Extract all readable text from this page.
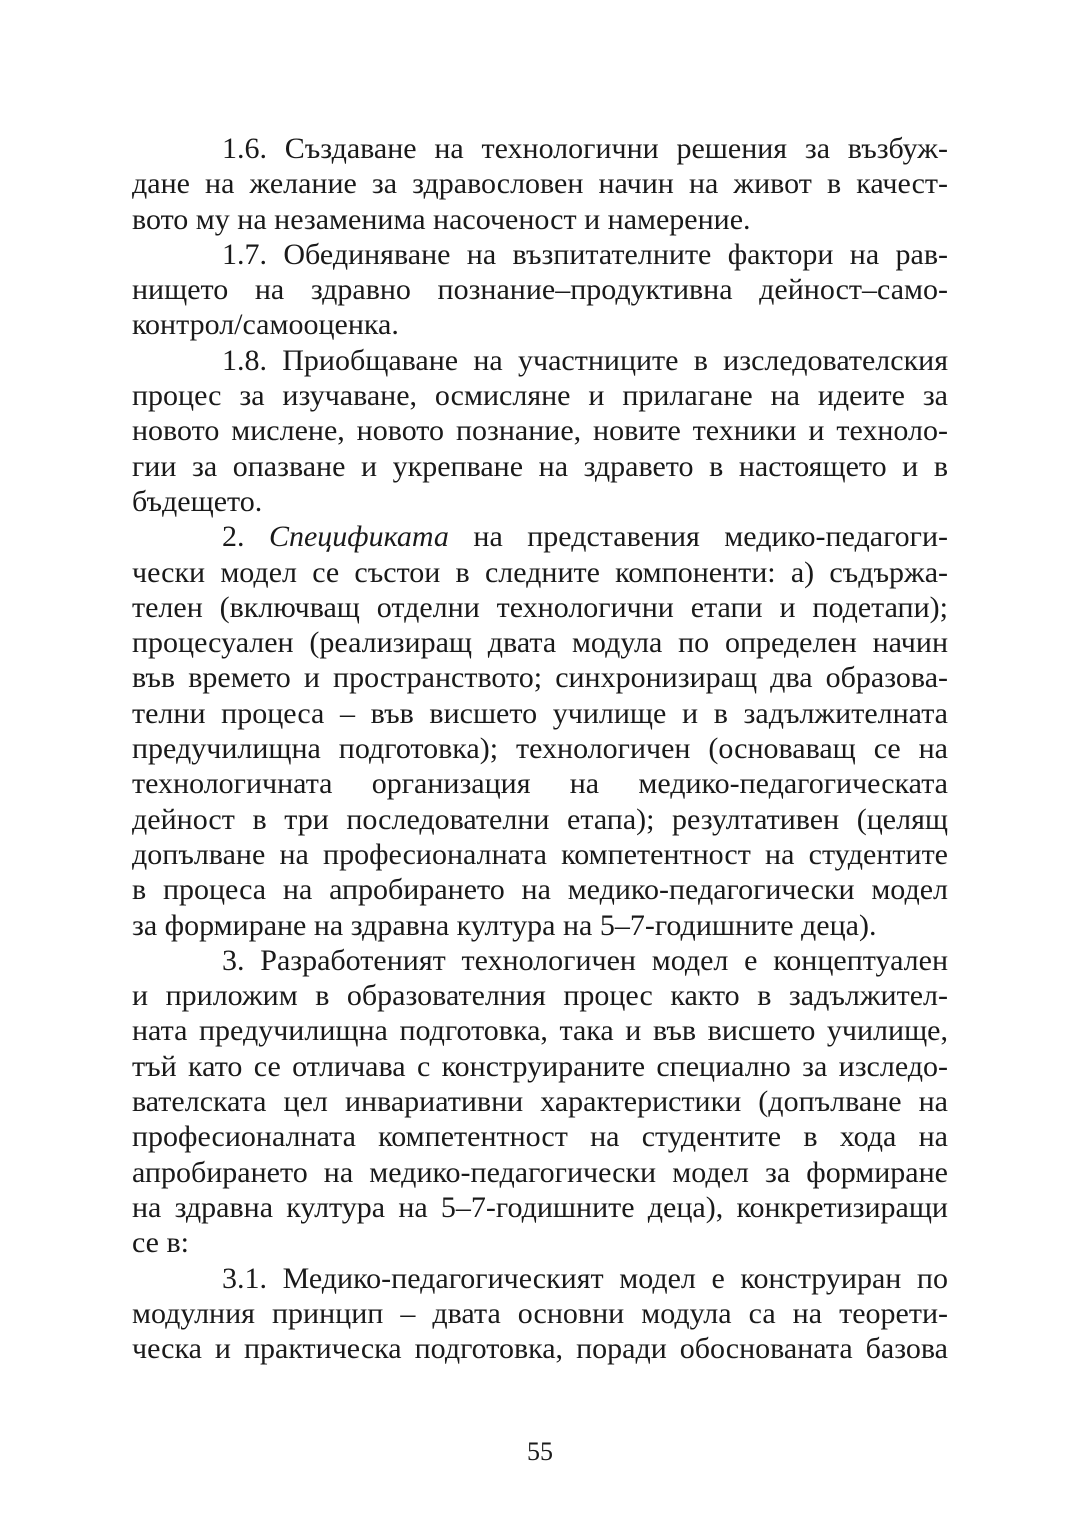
1.6. Създаване на технологични решения за възбуж-
дане на желание за здравословен начин на живот в качест-
вото му на незаменима насоченост и намерение.
1.7. Обединяване на възпитателните фактори на рав-
нището на здравно познание–продуктивна дейност–само-
контрол/самооценка.
1.8. Приобщаване на участниците в изследователския
процес за изучаване, осмисляне и прилагане на идеите за
новото мислене, новото познание, новите техники и техноло-
гии за опазване и укрепване на здравето в настоящето и в
бъдещето.
2. Спецификата на представения медико-педагоги-
чески модел се състои в следните компоненти: а) съдържа-
телен (включващ отделни технологични етапи и подетапи);
процесуален (реализиращ двата модула по определен начин
във времето и пространството; синхронизиращ два образова-
телни процеса – във висшето училище и в задължителната
предучилищна подготовка); технологичен (основаващ се на
технологичната организация на медико-педагогическата
дейност в три последователни етапа); резултативен (целящ
допълване на професионалната компетентност на студентите
в процеса на апробирането на медико-педагогически модел
за формиране на здравна култура на 5–7-годишните деца).
3. Разработеният технологичен модел е концептуален
и приложим в образователния процес както в задължител-
ната предучилищна подготовка, така и във висшето училище,
тъй като се отличава с конструираните специално за изследо-
вателската цел инвариативни характеристики (допълване на
професионалната компетентност на студентите в хода на
апробирането на медико-педагогически модел за формиране
на здравна култура на 5–7-годишните деца), конкретизиращи
се в:
3.1. Медико-педагогическият модел е конструиран по
модулния принцип – двата основни модула са на теорети-
ческа и практическа подготовка, поради обоснованата базова
55
